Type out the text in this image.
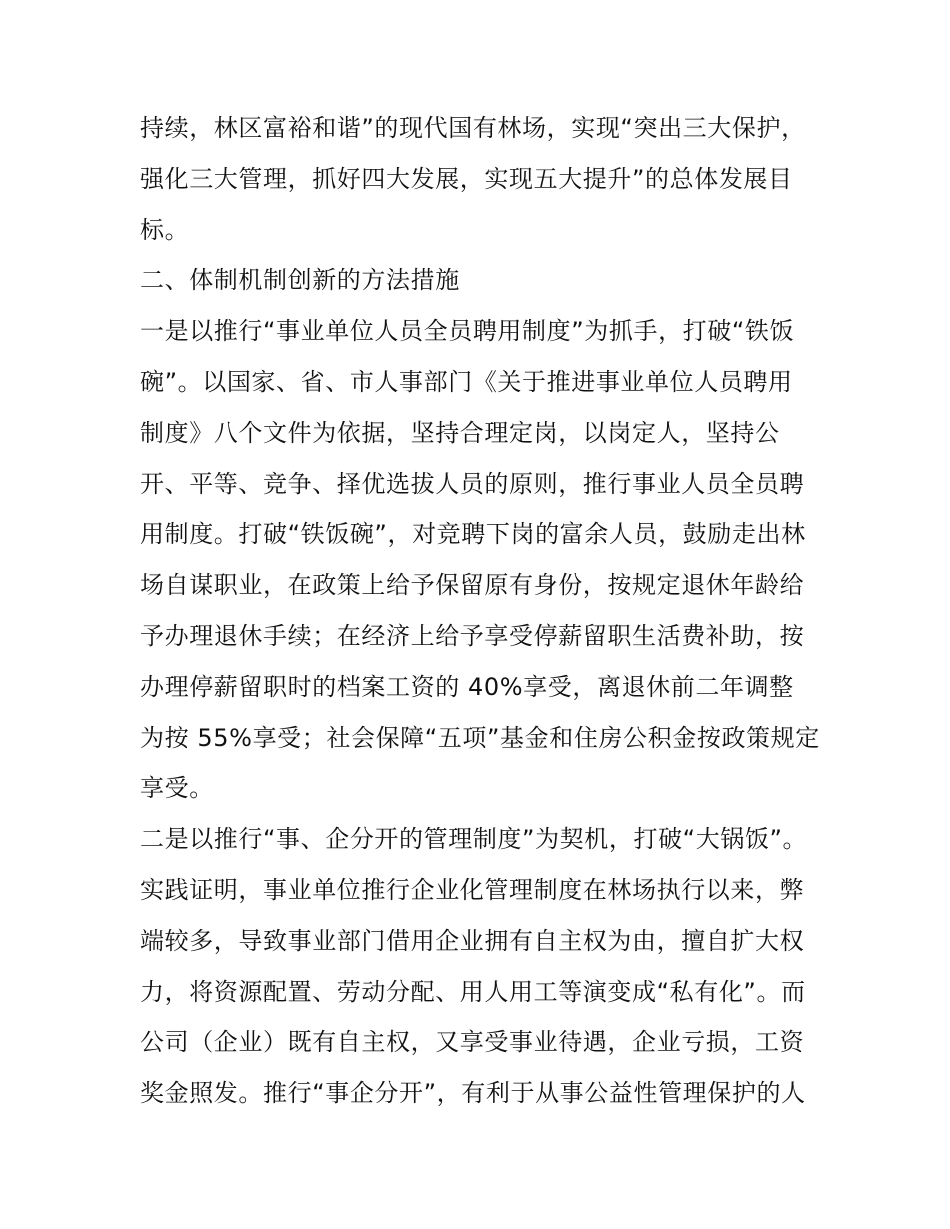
持续，林区富裕和谐”的现代国有林场，实现“突出三大保护，
强化三大管理，抓好四大发展，实现五大提升”的总体发展目
标。
二、体制机制创新的方法措施
一是以推行“事业单位人员全员聘用制度”为抓手，打破“铁饭
碗”。以国家、省、市人事部门《关于推进事业单位人员聘用
制度》八个文件为依据，坚持合理定岗，以岗定人，坚持公
开、平等、竞争、择优选拔人员的原则，推行事业人员全员聘
用制度。打破“铁饭碗”，对竞聘下岗的富余人员，鼓励走出林
场自谋职业，在政策上给予保留原有身份，按规定退休年龄给
予办理退休手续；在经济上给予享受停薪留职生活费补助，按
办理停薪留职时的档案工资的 40%享受，离退休前二年调整
为按 55%享受；社会保障“五项”基金和住房公积金按政策规定
享受。
二是以推行“事、企分开的管理制度”为契机，打破“大锅饭”。
实践证明，事业单位推行企业化管理制度在林场执行以来，弊
端较多，导致事业部门借用企业拥有自主权为由，擅自扩大权
力，将资源配置、劳动分配、用人用工等演变成“私有化”。而
公司（企业）既有自主权，又享受事业待遇，企业亏损，工资
奖金照发。推行“事企分开”，有利于从事公益性管理保护的人
